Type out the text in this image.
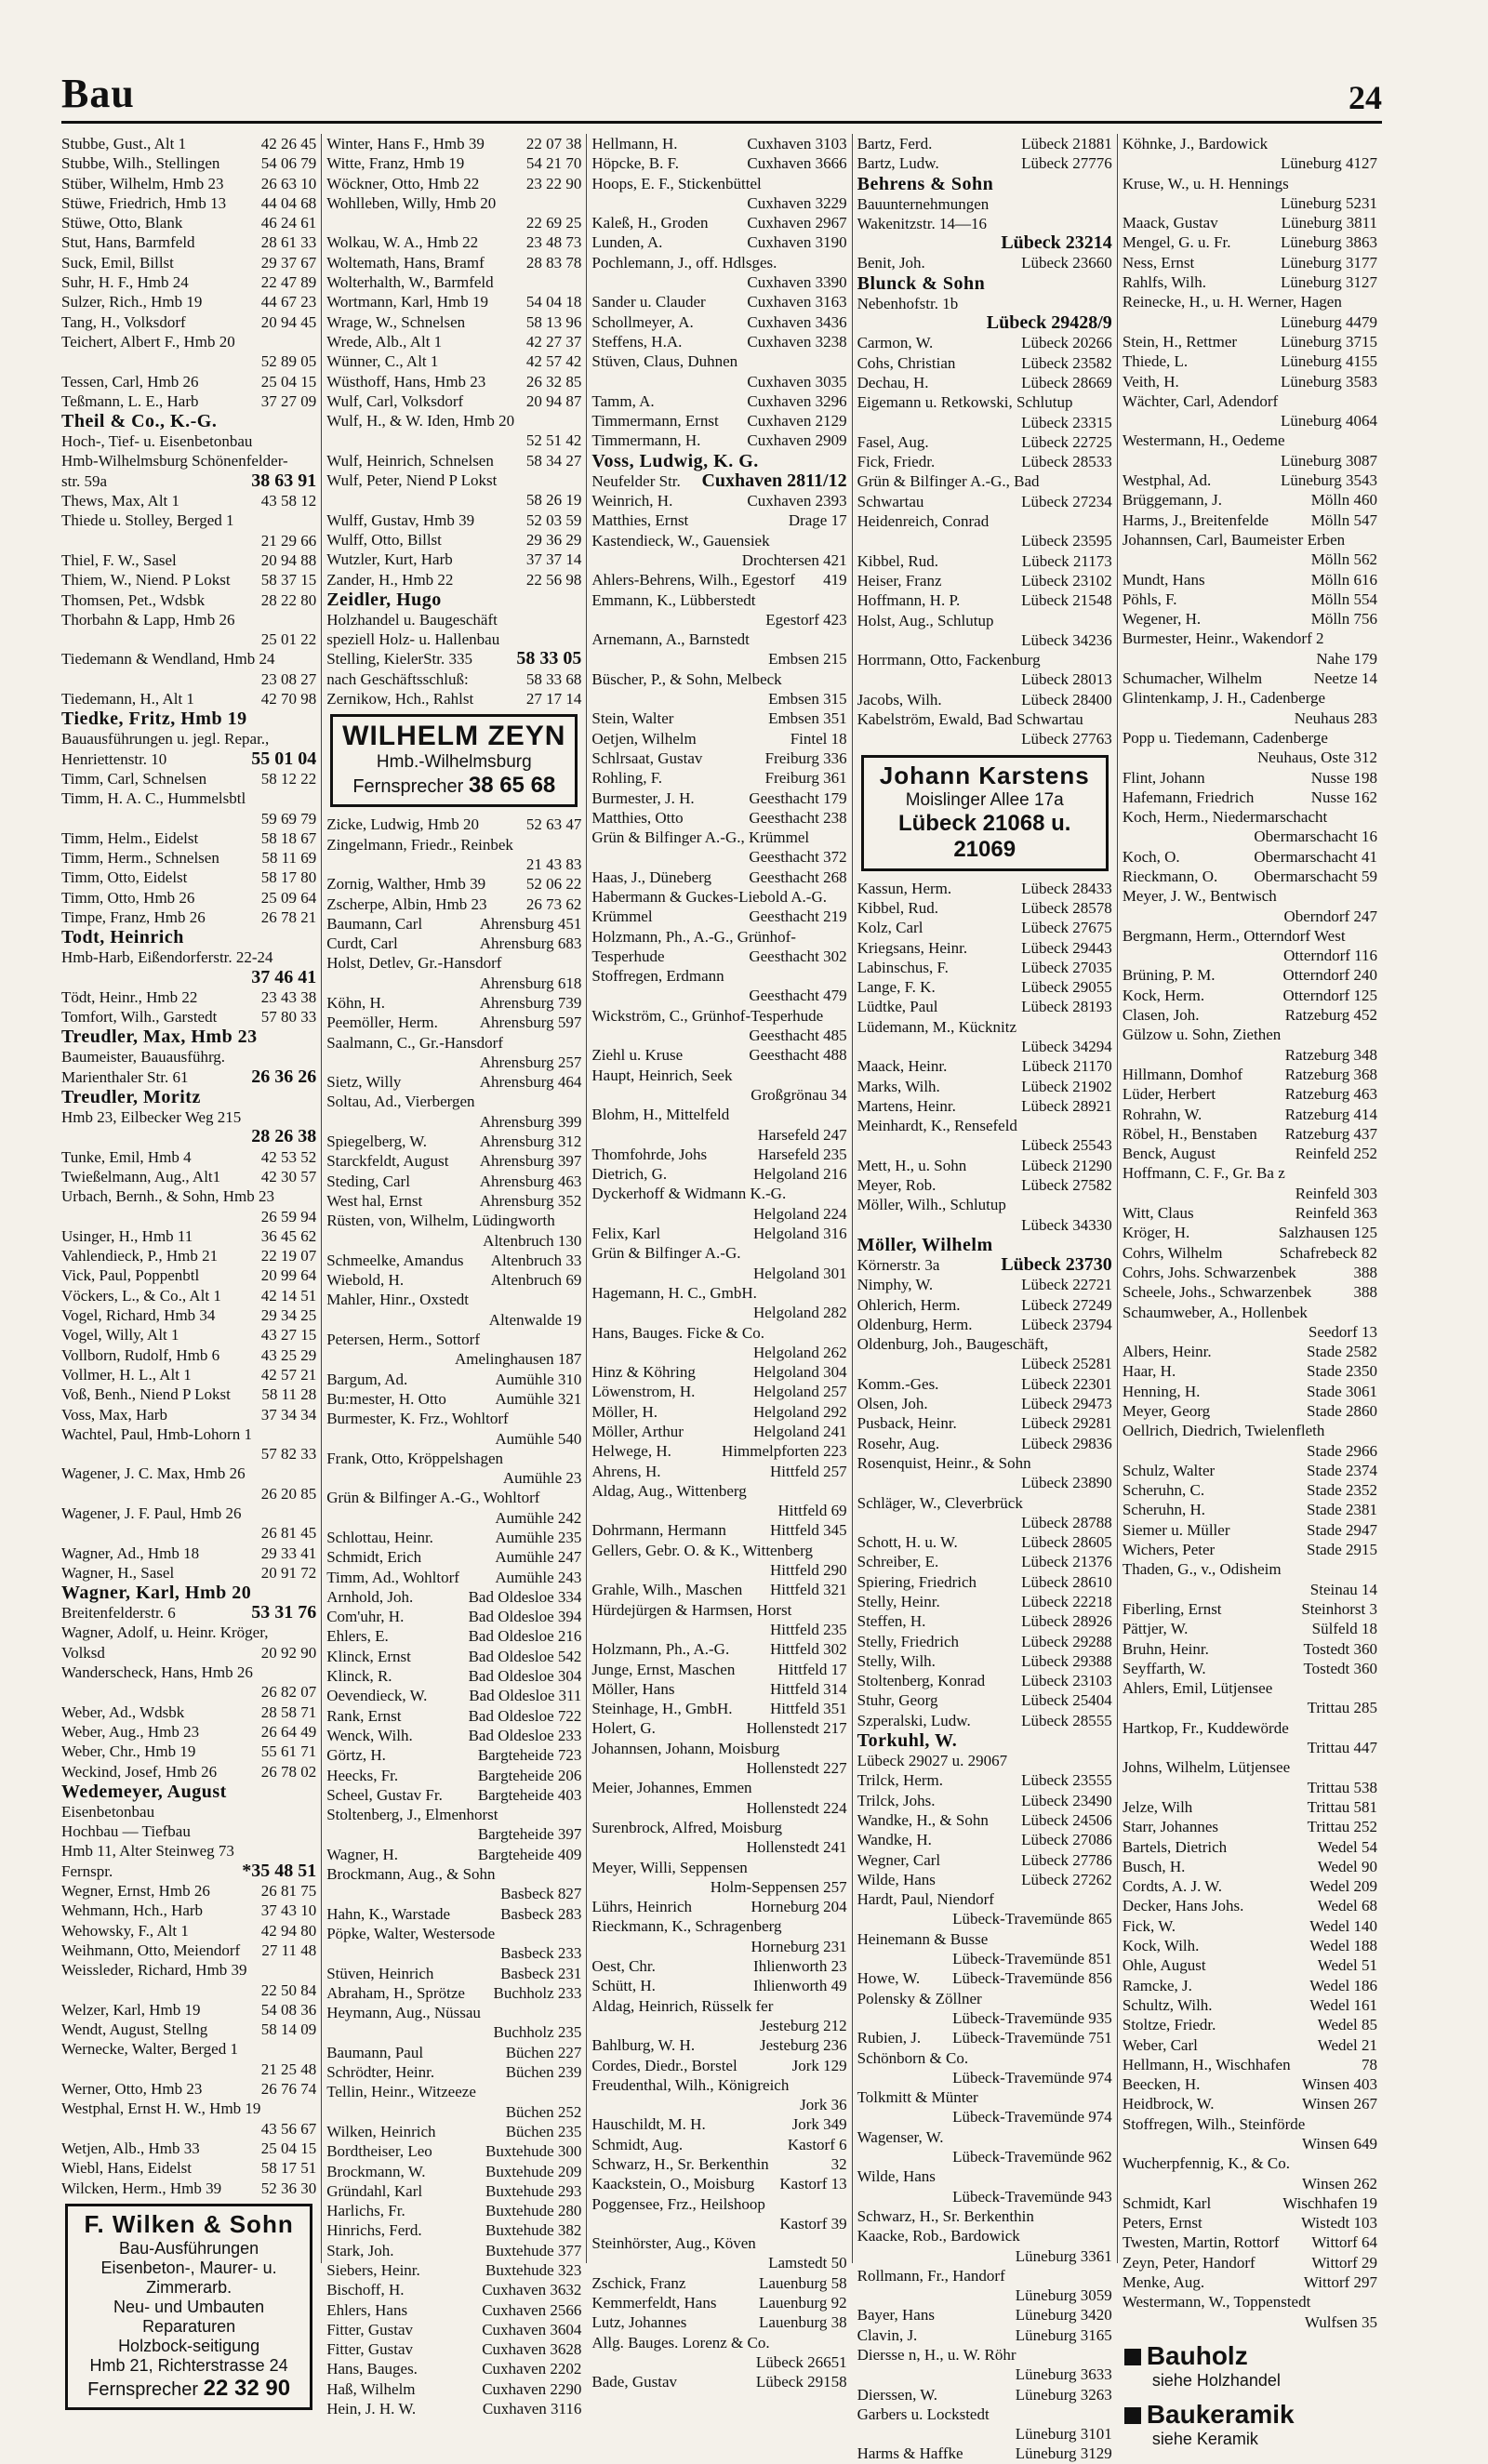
Bau	24
Stubbe, Gust., Alt 1	42 26 45
Stubbe, Wilh., Stellingen	54 06 79
Stüber, Wilhelm, Hmb 23	26 63 10
Stüwe, Friedrich, Hmb 13	44 04 68
Stüwe, Otto, Blank	46 24 61
Stut, Hans, Barmfeld	28 61 33
Suck, Emil, Billst	29 37 67
Suhr, H. F., Hmb 24	22 47 89
Sulzer, Rich., Hmb 19	44 67 23
Tang, H., Volksdorf	20 94 45
Teichert, Albert F., Hmb 20
52 89 05
Tessen, Carl, Hmb 26	25 04 15
Teßmann, L. E., Harb	37 27 09
Theil & Co., K.-G.
Hoch-, Tief- u. Eisenbetonbau
Hmb-Wilhelmsburg Schönenfelder-
str. 59a	38 63 91
Thews, Max, Alt 1	43 58 12
Thiede u. Stolley, Berged 1
21 29 66
Thiel, F. W., Sasel	20 94 88
Thiem, W., Niend. P Lokst	58 37 15
Thomsen, Pet., Wdsbk	28 22 80
Thorbahn & Lapp, Hmb 26
25 01 22
Tiedemann & Wendland, Hmb 24
23 08 27
Tiedemann, H., Alt 1	42 70 98
Tiedke, Fritz, Hmb 19
Bauausführungen u. jegl. Repar.,
Henriettenstr. 10	55 01 04
Timm, Carl, Schnelsen	58 12 22
Timm, H. A. C., Hummelsbtl
59 69 79
Timm, Helm., Eidelst	58 18 67
Timm, Herm., Schnelsen	58 11 69
Timm, Otto, Eidelst	58 17 80
Timm, Otto, Hmb 26	25 09 64
Timpe, Franz, Hmb 26	26 78 21
Todt, Heinrich
Hmb-Harb, Eißendorferstr. 22-24
37 46 41
Tödt, Heinr., Hmb 22	23 43 38
Tomfort, Wilh., Garstedt	57 80 33
Treudler, Max, Hmb 23
Baumeister, Bauausführg.
Marienthaler Str. 61	26 36 26
Treudler, Moritz
Hmb 23, Eilbecker Weg 215
28 26 38
Tunke, Emil, Hmb 4	42 53 52
Twießelmann, Aug., Alt1	42 30 57
Urbach, Bernh., & Sohn, Hmb 23
26 59 94
Usinger, H., Hmb 11	36 45 62
Vahlendieck, P., Hmb 21	22 19 07
Vick, Paul, Poppenbtl	20 99 64
Vöckers, L., & Co., Alt 1	42 14 51
Vogel, Richard, Hmb 34	29 34 25
Vogel, Willy, Alt 1	43 27 15
Vollborn, Rudolf, Hmb 6	43 25 29
Vollmer, H. L., Alt 1	42 57 21
Voß, Benh., Niend P Lokst	58 11 28
Voss, Max, Harb	37 34 34
Wachtel, Paul, Hmb-Lohorn 1
57 82 33
Wagener, J. C. Max, Hmb 26
26 20 85
Wagener, J. F. Paul, Hmb 26
26 81 45
Wagner, Ad., Hmb 18	29 33 41
Wagner, H., Sasel	20 91 72
Wagner, Karl, Hmb 20
Breitenfelderstr. 6	53 31 76
Wagner, Adolf, u. Heinr. Kröger,
Volksd	20 92 90
Wanderscheck, Hans, Hmb 26
26 82 07
Weber, Ad., Wdsbk	28 58 71
Weber, Aug., Hmb 23	26 64 49
Weber, Chr., Hmb 19	55 61 71
Weckind, Josef, Hmb 26	26 78 02
Wedemeyer, August
Eisenbetonbau
Hochbau — Tiefbau
Hmb 11, Alter Steinweg 73
Fernspr.	*35 48 51
Wegner, Ernst, Hmb 26	26 81 75
Wehmann, Hch., Harb	37 43 10
Wehowsky, F., Alt 1	42 94 80
Weihmann, Otto, Meiendorf	27 11 48
Weissleder, Richard, Hmb 39
22 50 84
Welzer, Karl, Hmb 19	54 08 36
Wendt, August, Stellng	58 14 09
Wernecke, Walter, Berged 1
21 25 48
Werner, Otto, Hmb 23	26 76 74
Westphal, Ernst H. W., Hmb 19
43 56 67
Wetjen, Alb., Hmb 33	25 04 15
Wiebl, Hans, Eidelst	58 17 51
Wilcken, Herm., Hmb 39	52 36 30
F. Wilken & Sohn
Bau-Ausführungen
Eisenbeton-, Maurer- u. Zimmerarb.
Neu- und Umbauten
Reparaturen
Holzbock-seitigung
Hmb 21, Richterstrasse 24
Fernsprecher 22 32 90
Winter, Hans F., Hmb 39	22 07 38
Witte, Franz, Hmb 19	54 21 70
Wöckner, Otto, Hmb 22	23 22 90
Wohlleben, Willy, Hmb 20
22 69 25
Wolkau, W. A., Hmb 22	23 48 73
Woltemath, Hans, Bramf	28 83 78
Wolterhalth, W., Barmfeld
Wortmann, Karl, Hmb 19	54 04 18
Wrage, W., Schnelsen	58 13 96
Wrede, Alb., Alt 1	42 27 37
Wünner, C., Alt 1	42 57 42
Wüsthoff, Hans, Hmb 23	26 32 85
Wulf, Carl, Volksdorf	20 94 87
Wulf, H., & W. Iden, Hmb 20
52 51 42
Wulf, Heinrich, Schnelsen	58 34 27
Wulf, Peter, Niend P Lokst
58 26 19
Wulff, Gustav, Hmb 39	52 03 59
Wulff, Otto, Billst	29 36 29
Wutzler, Kurt, Harb	37 37 14
Zander, H., Hmb 22	22 56 98
Zeidler, Hugo
Holzhandel u. Baugeschäft
speziell Holz- u. Hallenbau
Stelling, KielerStr. 335	58 33 05
nach Geschäftsschluß:	58 33 68
Zernikow, Hch., Rahlst	27 17 14
WILHELM ZEYN
Hmb.-Wilhelmsburg
Fernsprecher 38 65 68
Zicke, Ludwig, Hmb 20	52 63 47
Zingelmann, Friedr., Reinbek
21 43 83
Zornig, Walther, Hmb 39	52 06 22
Zscherpe, Albin, Hmb 23	26 73 62
Baumann, Carl	Ahrensburg 451
Curdt, Carl	Ahrensburg 683
Holst, Detlev, Gr.-Hansdorf
Ahrensburg 618
Köhn, H.	Ahrensburg 739
Peemöller, Herm.	Ahrensburg 597
Saalmann, C., Gr.-Hansdorf
Ahrensburg 257
Sietz, Willy	Ahrensburg 464
Soltau, Ad., Vierbergen
Ahrensburg 399
Spiegelberg, W.	Ahrensburg 312
Starckfeldt, August	Ahrensburg 397
Steding, Carl	Ahrensburg 463
West hal, Ernst	Ahrensburg 352
Rüsten, von, Wilhelm, Lüdingworth
Altenbruch 130
Schmeelke, Amandus	Altenbruch 33
Wiebold, H.	Altenbruch 69
Mahler, Hinr., Oxstedt
Altenwalde 19
Petersen, Herm., Sottorf
Amelinghausen 187
Bargum, Ad.	Aumühle 310
Bu:mester, H. Otto	Aumühle 321
Burmester, K. Frz., Wohltorf
Aumühle 540
Frank, Otto, Kröppelshagen
Aumühle 23
Grün & Bilfinger A.-G., Wohltorf
Aumühle 242
Schlottau, Heinr.	Aumühle 235
Schmidt, Erich	Aumühle 247
Timm, Ad., Wohltorf	Aumühle 243
Arnhold, Joh.	Bad Oldesloe 334
Com'uhr, H.	Bad Oldesloe 394
Ehlers, E.	Bad Oldesloe 216
Klinck, Ernst	Bad Oldesloe 542
Klinck, R.	Bad Oldesloe 304
Oevendieck, W.	Bad Oldesloe 311
Rank, Ernst	Bad Oldesloe 722
Wenck, Wilh.	Bad Oldesloe 233
Görtz, H.	Bargteheide 723
Heecks, Fr.	Bargteheide 206
Scheel, Gustav Fr.	Bargteheide 403
Stoltenberg, J., Elmenhorst
Bargteheide 397
Wagner, H.	Bargteheide 409
Brockmann, Aug., & Sohn
Basbeck 827
Hahn, K., Warstade	Basbeck 283
Pöpke, Walter, Westersode
Basbeck 233
Stüven, Heinrich	Basbeck 231
Abraham, H., Sprötze	Buchholz 233
Heymann, Aug., Nüssau
Buchholz 235
Baumann, Paul	Büchen 227
Schrödter, Heinr.	Büchen 239
Tellin, Heinr., Witzeeze
Büchen 252
Wilken, Heinrich	Büchen 235
Bordtheiser, Leo	Buxtehude 300
Brockmann, W.	Buxtehude 209
Gründahl, Karl	Buxtehude 293
Harlichs, Fr.	Buxtehude 280
Hinrichs, Ferd.	Buxtehude 382
Stark, Joh.	Buxtehude 377
Siebers, Heinr.	Buxtehude 323
Bischoff, H.	Cuxhaven 3632
Ehlers, Hans	Cuxhaven 2566
Fitter, Gustav	Cuxhaven 3604
Fitter, Gustav	Cuxhaven 3628
Hans, Bauges.	Cuxhaven 2202
Haß, Wilhelm	Cuxhaven 2290
Hein, J. H. W.	Cuxhaven 3116
Hellmann, H.	Cuxhaven 3103
Höpcke, B. F.	Cuxhaven 3666
Hoops, E. F., Stickenbüttel
Cuxhaven 3229
Kaleß, H., Groden	Cuxhaven 2967
Lunden, A.	Cuxhaven 3190
Pochlemann, J., off. Hdlsges.
Cuxhaven 3390
Sander u. Clauder	Cuxhaven 3163
Schollmeyer, A.	Cuxhaven 3436
Steffens, H.A.	Cuxhaven 3238
Stüven, Claus, Duhnen
Cuxhaven 3035
Tamm, A.	Cuxhaven 3296
Timmermann, Ernst	Cuxhaven 2129
Timmermann, H.	Cuxhaven 2909
Voss, Ludwig, K. G.
Neufelder Str.	Cuxhaven 2811/12
Weinrich, H.	Cuxhaven 2393
Matthies, Ernst	Drage 17
Kastendieck, W., Gauensiek
Drochtersen 421
Ahlers-Behrens, Wilh., Egestorf	419
Emmann, K., Lübberstedt
Egestorf 423
Arnemann, A., Barnstedt
Embsen 215
Büscher, P., & Sohn, Melbeck
Embsen 315
Stein, Walter	Embsen 351
Oetjen, Wilhelm	Fintel 18
Schlrsaat, Gustav	Freiburg 336
Rohling, F.	Freiburg 361
Burmester, J. H.	Geesthacht 179
Matthies, Otto	Geesthacht 238
Grün & Bilfinger A.-G., Krümmel
Geesthacht 372
Haas, J., Düneberg	Geesthacht 268
Habermann & Guckes-Liebold A.-G.
Krümmel	Geesthacht 219
Holzmann, Ph., A.-G., Grünhof-
Tesperhude	Geesthacht 302
Stoffregen, Erdmann
Geesthacht 479
Wickström, C., Grünhof-Tesperhude
Geesthacht 485
Ziehl u. Kruse	Geesthacht 488
Haupt, Heinrich, Seek
Großgrönau 34
Blohm, H., Mittelfeld
Harsefeld 247
Thomfohrde, Johs	Harsefeld 235
Dietrich, G.	Helgoland 216
Dyckerhoff & Widmann K.-G.
Helgoland 224
Felix, Karl	Helgoland 316
Grün & Bilfinger A.-G.
Helgoland 301
Hagemann, H. C., GmbH.
Helgoland 282
Hans, Bauges. Ficke & Co.
Helgoland 262
Hinz & Köhring	Helgoland 304
Löwenstrom, H.	Helgoland 257
Möller, H.	Helgoland 292
Möller, Arthur	Helgoland 241
Helwege, H.	Himmelpforten 223
Ahrens, H.	Hittfeld 257
Aldag, Aug., Wittenberg
Hittfeld 69
Dohrmann, Hermann	Hittfeld 345
Gellers, Gebr. O. & K., Wittenberg
Hittfeld 290
Grahle, Wilh., Maschen	Hittfeld 321
Hürdejürgen & Harmsen, Horst
Hittfeld 235
Holzmann, Ph., A.-G.	Hittfeld 302
Junge, Ernst, Maschen	Hittfeld 17
Möller, Hans	Hittfeld 314
Steinhage, H., GmbH.	Hittfeld 351
Holert, G.	Hollenstedt 217
Johannsen, Johann, Moisburg
Hollenstedt 227
Meier, Johannes, Emmen
Hollenstedt 224
Surenbrock, Alfred, Moisburg
Hollenstedt 241
Meyer, Willi, Seppensen
Holm-Seppensen 257
Lührs, Heinrich	Horneburg 204
Rieckmann, K., Schragenberg
Horneburg 231
Oest, Chr.	Ihlienworth 23
Schütt, H.	Ihlienworth 49
Aldag, Heinrich, Rüsselk fer
Jesteburg 212
Bahlburg, W. H.	Jesteburg 236
Cordes, Diedr., Borstel	Jork 129
Freudenthal, Wilh., Königreich
Jork 36
Hauschildt, M. H.	Jork 349
Schmidt, Aug.	Kastorf 6
Schwarz, H., Sr. Berkenthin	32
Kaackstein, O., Moisburg	Kastorf 13
Poggensee, Frz., Heilshoop
Kastorf 39
Steinhörster, Aug., Köven
Lamstedt 50
Zschick, Franz	Lauenburg 58
Kemmerfeldt, Hans	Lauenburg 92
Lutz, Johannes	Lauenburg 38
Allg. Bauges. Lorenz & Co.
Lübeck 26651
Bade, Gustav	Lübeck 29158
Bartz, Ferd.	Lübeck 21881
Bartz, Ludw.	Lübeck 27776
Behrens & Sohn
Bauunternehmungen
Wakenitzstr. 14—16
Lübeck 23214
Benit, Joh.	Lübeck 23660
Blunck & Sohn
Nebenhofstr. 1b
Lübeck 29428/9
Carmon, W.	Lübeck 20266
Cohs, Christian	Lübeck 23582
Dechau, H.	Lübeck 28669
Eigemann u. Retkowski, Schlutup
Lübeck 23315
Fasel, Aug.	Lübeck 22725
Fick, Friedr.	Lübeck 28533
Grün & Bilfinger A.-G., Bad
Schwartau	Lübeck 27234
Heidenreich, Conrad
Lübeck 23595
Kibbel, Rud.	Lübeck 21173
Heiser, Franz	Lübeck 23102
Hoffmann, H. P.	Lübeck 21548
Holst, Aug., Schlutup
Lübeck 34236
Horrmann, Otto, Fackenburg
Lübeck 28013
Jacobs, Wilh.	Lübeck 28400
Kabelström, Ewald, Bad Schwartau
Lübeck 27763
Johann Karstens
Moislinger Allee 17a
Lübeck 21068 u. 21069
Kassun, Herm.	Lübeck 28433
Kibbel, Rud.	Lübeck 28578
Kolz, Carl	Lübeck 27675
Kriegsans, Heinr.	Lübeck 29443
Labinschus, F.	Lübeck 27035
Lange, F. K.	Lübeck 29055
Lüdtke, Paul	Lübeck 28193
Lüdemann, M., Kücknitz
Lübeck 34294
Maack, Heinr.	Lübeck 21170
Marks, Wilh.	Lübeck 21902
Martens, Heinr.	Lübeck 28921
Meinhardt, K., Rensefeld
Lübeck 25543
Mett, H., u. Sohn	Lübeck 21290
Meyer, Rob.	Lübeck 27582
Möller, Wilh., Schlutup
Lübeck 34330
Möller, Wilhelm
Körnerstr. 3a	Lübeck 23730
Nimphy, W.	Lübeck 22721
Ohlerich, Herm.	Lübeck 27249
Oldenburg, Herm.	Lübeck 23794
Oldenburg, Joh., Baugeschäft,
Lübeck 25281
Komm.-Ges.	Lübeck 22301
Olsen, Joh.	Lübeck 29473
Pusback, Heinr.	Lübeck 29281
Rosehr, Aug.	Lübeck 29836
Rosenquist, Heinr., & Sohn
Lübeck 23890
Schläger, W., Cleverbrück
Lübeck 28788
Schott, H. u. W.	Lübeck 28605
Schreiber, E.	Lübeck 21376
Spiering, Friedrich	Lübeck 28610
Stelly, Heinr.	Lübeck 22218
Steffen, H.	Lübeck 28926
Stelly, Friedrich	Lübeck 29288
Stelly, Wilh.	Lübeck 29388
Stoltenberg, Konrad	Lübeck 23103
Stuhr, Georg	Lübeck 25404
Szperalski, Ludw.	Lübeck 28555
Torkuhl, W.
Lübeck 29027 u. 29067
Trilck, Herm.	Lübeck 23555
Trilck, Johs.	Lübeck 23490
Wandke, H., & Sohn	Lübeck 24506
Wandke, H.	Lübeck 27086
Wegner, Carl	Lübeck 27786
Wilde, Hans	Lübeck 27262
Hardt, Paul, Niendorf
Lübeck-Travemünde 865
Heinemann & Busse
Lübeck-Travemünde 851
Howe, W.	Lübeck-Travemünde 856
Polensky & Zöllner
Lübeck-Travemünde 935
Rubien, J.	Lübeck-Travemünde 751
Schönborn & Co.
Lübeck-Travemünde 974
Tolkmitt & Münter
Lübeck-Travemünde 974
Wagenser, W.
Lübeck-Travemünde 962
Wilde, Hans
Lübeck-Travemünde 943
Schwarz, H., Sr. Berkenthin
Kaacke, Rob., Bardowick
Lüneburg 3361
Rollmann, Fr., Handorf
Lüneburg 3059
Bayer, Hans	Lüneburg 3420
Clavin, J.	Lüneburg 3165
Diersse n, H., u. W. Röhr
Lüneburg 3633
Dierssen, W.	Lüneburg 3263
Garbers u. Lockstedt
Lüneburg 3101
Harms & Haffke	Lüneburg 3129
Köhnke, J., Bardowick
Lüneburg 4127
Kruse, W., u. H. Hennings
Lüneburg 5231
Maack, Gustav	Lüneburg 3811
Mengel, G. u. Fr.	Lüneburg 3863
Ness, Ernst	Lüneburg 3177
Rahlfs, Wilh.	Lüneburg 3127
Reinecke, H., u. H. Werner, Hagen
Lüneburg 4479
Stein, H., Rettmer	Lüneburg 3715
Thiede, L.	Lüneburg 4155
Veith, H.	Lüneburg 3583
Wächter, Carl, Adendorf
Lüneburg 4064
Westermann, H., Oedeme
Lüneburg 3087
Westphal, Ad.	Lüneburg 3543
Brüggemann, J.	Mölln 460
Harms, J., Breitenfelde	Mölln 547
Johannsen, Carl, Baumeister Erben
Mölln 562
Mundt, Hans	Mölln 616
Pöhls, F.	Mölln 554
Wegener, H.	Mölln 756
Burmester, Heinr., Wakendorf 2
Nahe 179
Schumacher, Wilhelm	Neetze 14
Glintenkamp, J. H., Cadenberge
Neuhaus 283
Popp u. Tiedemann, Cadenberge
Neuhaus, Oste 312
Flint, Johann	Nusse 198
Hafemann, Friedrich	Nusse 162
Koch, Herm., Niedermarschacht
Obermarschacht 16
Koch, O.	Obermarschacht 41
Rieckmann, O.	Obermarschacht 59
Meyer, J. W., Bentwisch
Oberndorf 247
Bergmann, Herm., Otterndorf West
Otterndorf 116
Brüning, P. M.	Otterndorf 240
Kock, Herm.	Otterndorf 125
Clasen, Joh.	Ratzeburg 452
Gülzow u. Sohn, Ziethen
Ratzeburg 348
Hillmann, Domhof	Ratzeburg 368
Lüder, Herbert	Ratzeburg 463
Rohrahn, W.	Ratzeburg 414
Röbel, H., Benstaben	Ratzeburg 437
Benck, August	Reinfeld 252
Hoffmann, C. F., Gr. Ba z
Reinfeld 303
Witt, Claus	Reinfeld 363
Kröger, H.	Salzhausen 125
Cohrs, Wilhelm	Schafrebeck 82
Cohrs, Johs. Schwarzenbek	388
Scheele, Johs., Schwarzenbek	388
Schaumweber, A., Hollenbek
Seedorf 13
Albers, Heinr.	Stade 2582
Haar, H.	Stade 2350
Henning, H.	Stade 3061
Meyer, Georg	Stade 2860
Oellrich, Diedrich, Twielenfleth
Stade 2966
Schulz, Walter	Stade 2374
Scheruhn, C.	Stade 2352
Scheruhn, H.	Stade 2381
Siemer u. Müller	Stade 2947
Wichers, Peter	Stade 2915
Thaden, G., v., Odisheim
Steinau 14
Fiberling, Ernst	Steinhorst 3
Pättjer, W.	Sülfeld 18
Bruhn, Heinr.	Tostedt 360
Seyffarth, W.	Tostedt 360
Ahlers, Emil, Lütjensee
Trittau 285
Hartkop, Fr., Kuddewörde
Trittau 447
Johns, Wilhelm, Lütjensee
Trittau 538
Jelze, Wilh	Trittau 581
Starr, Johannes	Trittau 252
Bartels, Dietrich	Wedel 54
Busch, H.	Wedel 90
Cordts, A. J. W.	Wedel 209
Decker, Hans Johs.	Wedel 68
Fick, W.	Wedel 140
Kock, Wilh.	Wedel 188
Ohle, August	Wedel 51
Ramcke, J.	Wedel 186
Schultz, Wilh.	Wedel 161
Stoltze, Friedr.	Wedel 85
Weber, Carl	Wedel 21
Hellmann, H., Wischhafen	78
Beecken, H.	Winsen 403
Heidbrock, W.	Winsen 267
Stoffregen, Wilh., Steinförde
Winsen 649
Wucherpfennig, K., & Co.
Winsen 262
Schmidt, Karl	Wischhafen 19
Peters, Ernst	Wistedt 103
Twesten, Martin, Rottorf	Wittorf 64
Zeyn, Peter, Handorf	Wittorf 29
Menke, Aug.	Wittorf 297
Westermann, W., Toppenstedt
Wulfsen 35
Bauholz
siehe Holzhandel
Baukeramik
siehe Keramik
